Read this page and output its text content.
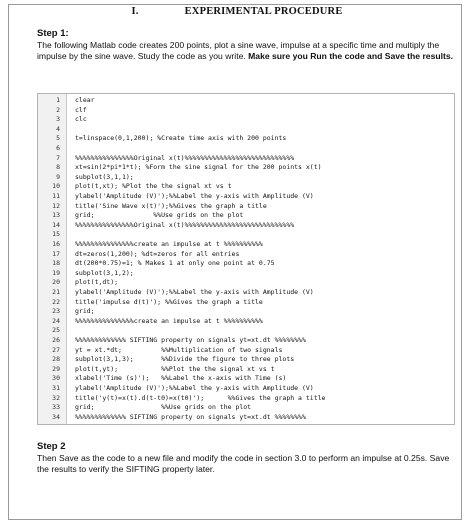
I.	EXPERIMENTAL PROCEDURE
Step 1:
The following Matlab code creates 200 points, plot a sine wave, impulse at a specific time and multiply the impulse by the sine wave. Study the code as you write. Make sure you Run the code and Save the results.
1 clear
2 clf
3 clc
4
5 t=linspace(0,1,200); %Create time axis with 200 points
6
7 %%%%%%%%%%%%%%%Original x(t)%%%%%%%%%%%%%%%%%%%%%%%%%%%%
8 xt=sin(2*pi*1*t); %Form the sine signal for the 200 points x(t)
9 subplot(3,1,1);
10 plot(t,xt); %Plot the the signal xt vs t
11 ylabel('Amplitude (V)');%%Label the y-axis with Amplitude (V)
12 title('Sine Wave x(t)');%%Gives the graph a title
13 grid;               %%Use grids on the plot
14 %%%%%%%%%%%%%%%Original x(t)%%%%%%%%%%%%%%%%%%%%%%%%%%%%
15
16 %%%%%%%%%%%%%%%create an impulse at t %%%%%%%%%%
17 dt=zeros(1,200); %dt=zeros for all entries
18 dt(200*0.75)=1; % Makes 1 at only one point at 0.75
19 subplot(3,1,2);
20 plot(t,dt);
21 ylabel('Amplitude (V)');%%Label the y-axis with Amplitude (V)
22 title('impulse d(t)'); %%Gives the graph a title
23 grid;
24 %%%%%%%%%%%%%%%create an impulse at t %%%%%%%%%%
25
26 %%%%%%%%%%%%% SIFTING property on signals yt=xt.dt %%%%%%%%
27 yt = xt.*dt;          %%Multiplication of two signals
28 subplot(3,1,3);       %%Divide the figure to three plots
29 plot(t,yt);           %%Plot the the signal xt vs t
30 xlabel('Time (s)');   %%Label the x-axis with Time (s)
31 ylabel('Amplitude (V)');%%Label the y-axis with Amplitude (V)
32 title('y(t)=x(t).d(t-t0)=x(t0)');      %%Gives the graph a title
33 grid;                 %%Use grids on the plot
34 %%%%%%%%%%%%% SIFTING property on signals yt=xt.dt %%%%%%%%
Step 2
Then Save as the code to a new file and modify the code in section 3.0 to perform an impulse at 0.25s. Save the results to verify the SIFTING property later.
